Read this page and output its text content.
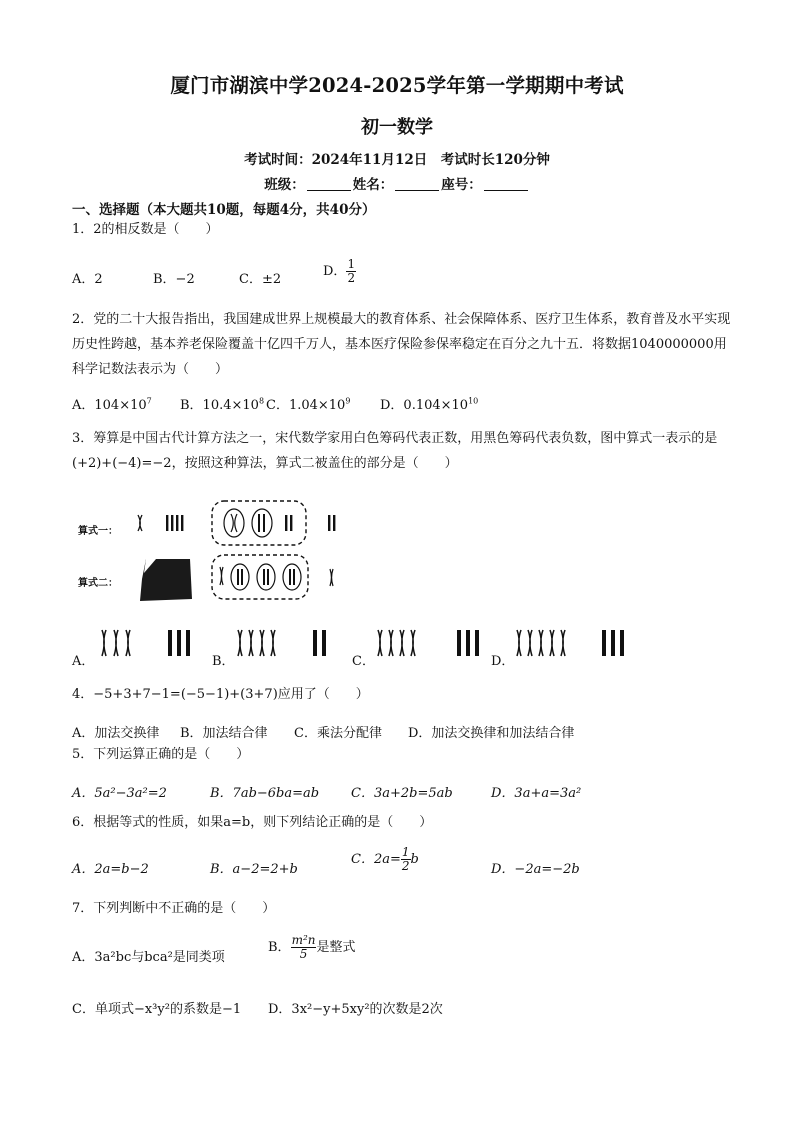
厦门市湖滨中学2024-2025学年第一学期期中考试
初一数学
考试时间：2024年11月12日　考试时长120分钟
班级：	姓名：	座号：
一、选择题（本大题共10题，每题4分，共40分）
1．2的相反数是（　　）
A．2	B．−2	C．±2
D． $\frac{1}{2}$
2．党的二十大报告指出，我国建成世界上规模最大的教育体系、社会保障体系、医疗卫生体系，教育普及水平实现历史性跨越，基本养老保险覆盖十亿四千万人，基本医疗保险参保率稳定在百分之九十五．将数据1040000000用科学记数法表示为（　　）
A．$104\times 10^7$ B．$10.4\times 10^8$ C．$1.04\times 10^9$ D．$0.104\times 10^{10}$
3．筹算是中国古代计算方法之一，宋代数学家用白色筹码代表正数，用黑色筹码代表负数，图中算式一表示的是(+2)+(−4)=−2，按照这种算法，算式二被盖住的部分是（　　）
算式一：
算式二：
A．	B．	C．	D．
4．−5+3+7−1=(−5−1)+(3+7)应用了（　　）
A．加法交换律 B．加法结合律 C．乘法分配律 D．加法交换律和加法结合律
5．下列运算正确的是（　　）
A．5a²−3a²=2	B．7ab−6ba=ab C．3a+2b=5ab	D．3a+a=3a²
6．根据等式的性质，如果a=b，则下列结论正确的是（　　）
A．2a=b−2	B．a−2=2+b
C．$2a= \frac{1}{2}$ b
D．−2a=−2b
7．下列判断中不正确的是（　　）
A．3a²bc与bca²是同类项
B． $\frac{\text{m²n}}{5}$ 是整式
C．单项式−x³y²的系数是−1 D．3x²−y+5xy²的次数是2次
